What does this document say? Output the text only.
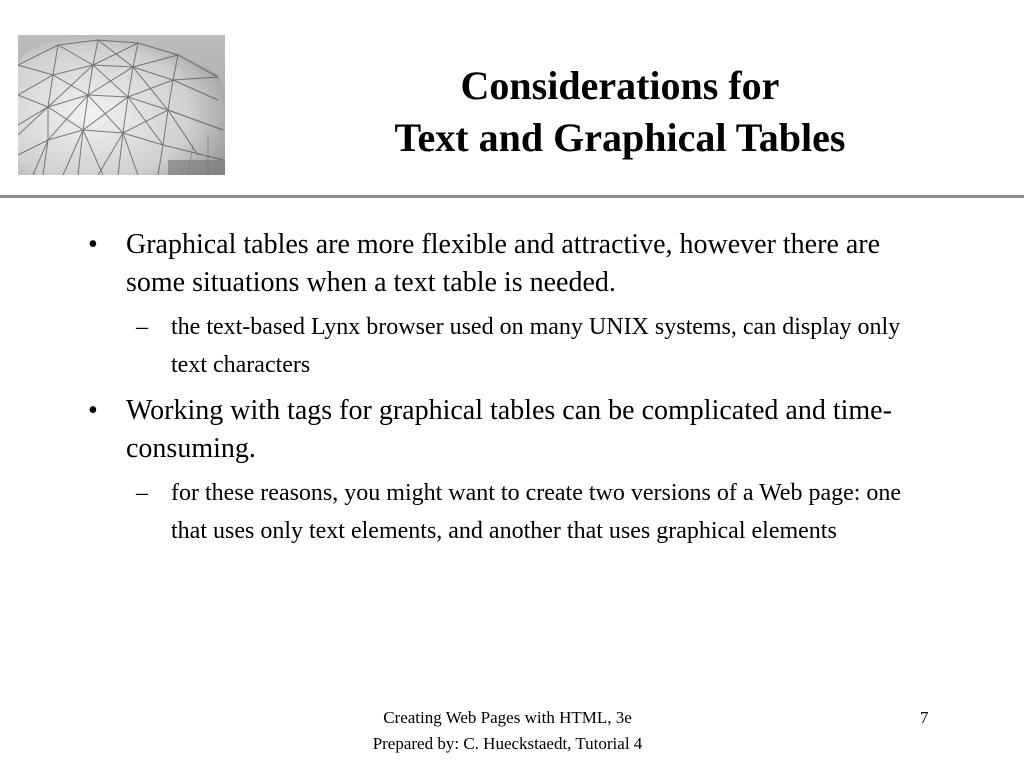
Considerations for
Text and Graphical Tables
• Graphical tables are more flexible and attractive, however there are some situations when a text table is needed.
– the text-based Lynx browser used on many UNIX systems, can display only text characters
• Working with tags for graphical tables can be complicated and time-consuming.
– for these reasons, you might want to create two versions of a Web page: one that uses only text elements, and another that uses graphical elements
Creating Web Pages with HTML, 3e
Prepared by: C. Hueckstaedt, Tutorial 4
7
